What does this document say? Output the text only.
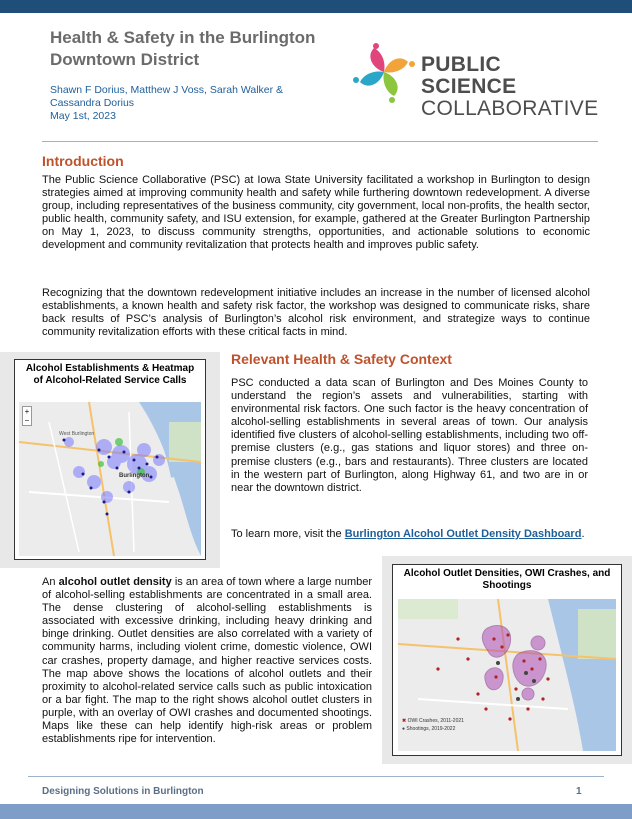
Health & Safety in the Burlington
Downtown District
Shawn F Dorius, Matthew J Voss, Sarah Walker & Cassandra Dorius
May 1st, 2023
PUBLIC SCIENCE
COLLABORATIVE
Introduction

The Public Science Collaborative (PSC) at Iowa State University facilitated a workshop in Burlington to design strategies aimed at improving community health and safety while furthering downtown redevelopment. A diverse group, including representatives of the business community, city government, local non-profits, the health sector, public health, community safety, and ISU extension, for example, gathered at the Greater Burlington Partnership on May 1, 2023, to discuss community strengths, opportunities, and actionable solutions to economic development and community revitalization that protects health and improves public safety.

Recognizing that the downtown redevelopment initiative includes an increase in the number of licensed alcohol establishments, a known health and safety risk factor, the workshop was designed to communicate risks, share back results of PSC’s analysis of Burlington’s alcohol risk environment, and strategize ways to continue community revitalization efforts with these critical facts in mind.

Alcohol Establishments & Heatmap of Alcohol-Related Service Calls
West Burlington
Burlington
+
−
Relevant Health & Safety Context

PSC conducted a data scan of Burlington and Des Moines County to understand the region’s assets and vulnerabilities, starting with environmental risk factors. One such factor is the heavy concentration of alcohol-selling establishments in several areas of town. Our analysis identified five clusters of alcohol-selling establishments, including two off-premise clusters (e.g., gas stations and liquor stores) and three on-premise clusters (e.g., bars and restaurants). Three clusters are located in the western part of Burlington, along Highway 61, and two are in or near the downtown district.

To learn more, visit the Burlington Alcohol Outlet Density Dashboard.

Alcohol Outlet Densities, OWI Crashes, and Shootings
✖ OWI Crashes, 2011-2021
● Shootings, 2019-2022

An alcohol outlet density is an area of town where a large number of alcohol-selling establishments are concentrated in a small area. The dense clustering of alcohol-selling establishments is associated with excessive drinking, including heavy drinking and binge drinking. Outlet densities are also correlated with a variety of community harms, including violent crime, domestic violence, OWI car crashes, property damage, and higher reactive services costs. The map above shows the locations of alcohol outlets and their proximity to alcohol-related service calls such as public intoxication or a bar fight. The map to the right shows alcohol outlet clusters in purple, with an overlay of OWI crashes and documented shootings. Maps like these can help identify high-risk areas or problem establishments ripe for intervention.

Designing Solutions in Burlington	1
